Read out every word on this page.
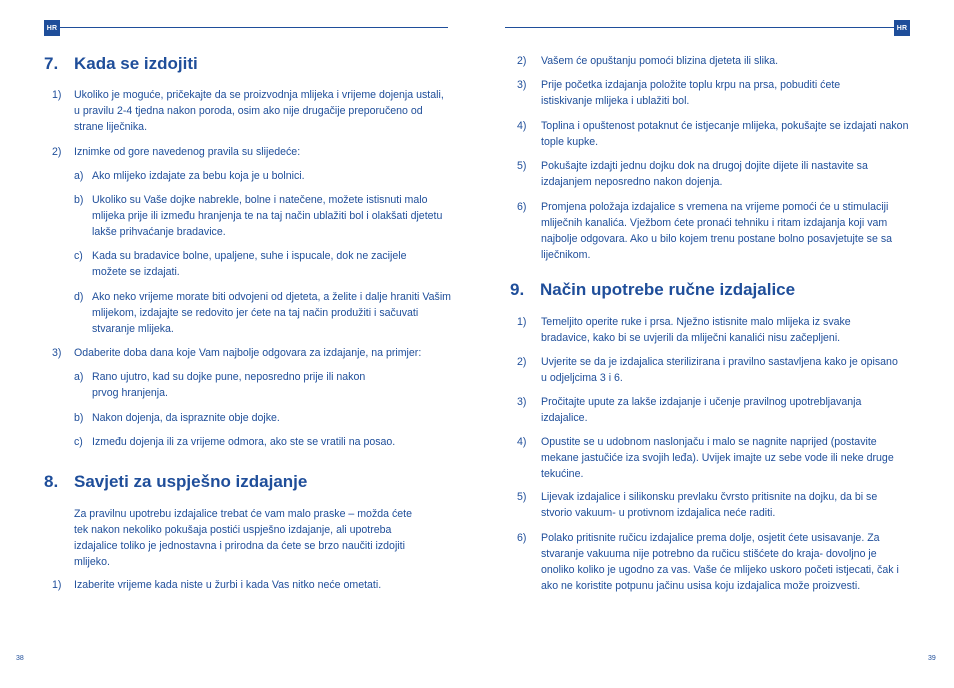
HR
7. Kada se izdojiti
1) Ukoliko je moguće, pričekajte da se proizvodnja mlijeka i vrijeme dojenja ustali, u pravilu 2-4 tjedna nakon poroda, osim ako nije drugačije preporučeno od strane liječnika.
2) Iznimke od gore navedenog pravila su slijedeće:
a) Ako mlijeko izdajate za bebu koja je u bolnici.
b) Ukoliko su Vaše dojke nabrekle, bolne i natečene, možete istisnuti malo mlijeka prije ili između hranjenja te na taj način ublažiti bol i olakšati djetetu lakše prihvaćanje bradavice.
c) Kada su bradavice bolne, upaljene, suhe i ispucale, dok ne zacijele možete se izdajati.
d) Ako neko vrijeme morate biti odvojeni od djeteta, a želite i dalje hraniti Vašim mlijekom, izdajajte se redovito jer ćete na taj način produžiti i sačuvati stvaranje mlijeka.
3) Odaberite doba dana koje Vam najbolje odgovara za izdajanje, na primjer:
a) Rano ujutro, kad su dojke pune, neposredno prije ili nakon prvog hranjenja.
b) Nakon dojenja, da ispraznite obje dojke.
c) Između dojenja ili za vrijeme odmora, ako ste se vratili na posao.
8. Savjeti za uspješno izdajanje
Za pravilnu upotrebu izdajalice trebat će vam malo praske – možda ćete tek nakon nekoliko pokušaja postići uspješno izdajanje, ali upotreba izdajalice toliko je jednostavna i prirodna da ćete se brzo naučiti izdojiti mlijeko.
1) Izaberite vrijeme kada niste u žurbi i kada Vas nitko neće ometati.
38
HR
2) Vašem će opuštanju pomoći blizina djeteta ili slika.
3) Prije početka izdajanja položite toplu krpu na prsa, pobuditi ćete istiskivanje mlijeka i ublažiti bol.
4) Toplina i opuštenost potaknut će istjecanje mlijeka, pokušajte se izdajati nakon tople kupke.
5) Pokušajte izdajti jednu dojku dok na drugoj dojite dijete ili nastavite sa izdajanjem neposredno nakon dojenja.
6) Promjena položaja izdajalice s vremena na vrijeme pomoći će u stimulaciji mliječnih kanalića. Vježbom ćete pronaći tehniku i ritam izdajanja koji vam najbolje odgovara. Ako u bilo kojem trenu postane bolno posavjetujte se sa liječnikom.
9. Način upotrebe ručne izdajalice
1) Temeljito operite ruke i prsa. Nježno istisnite malo mlijeka iz svake bradavice, kako bi se uvjerili da mliječni kanalići nisu začepljeni.
2) Uvjerite se da je izdajalica sterilizirana i pravilno sastavljena kako je opisano u odjeljcima 3 i 6.
3) Pročitajte upute za lakše izdajanje i učenje pravilnog upotrebljavanja izdajalice.
4) Opustite se u udobnom naslonjaču i malo se nagnite naprijed (postavite mekane jastučiće iza svojih leđa). Uvijek imajte uz sebe vode ili neke druge tekućine.
5) Lijevak izdajalice i silikonsku prevlaku čvrsto pritisnite na dojku, da bi se stvorio vakuum- u protivnom izdajalica neće raditi.
6) Polako pritisnite ručicu izdajalice prema dolje, osjetit ćete usisavanje. Za stvaranje vakuuma nije potrebno da ručicu stišćete do kraja- dovoljno je onoliko koliko je ugodno za vas. Vaše će mlijeko uskoro početi istjecati, čak i ako ne koristite potpunu jačinu usisa koju izdajalica može proizvesti.
39
